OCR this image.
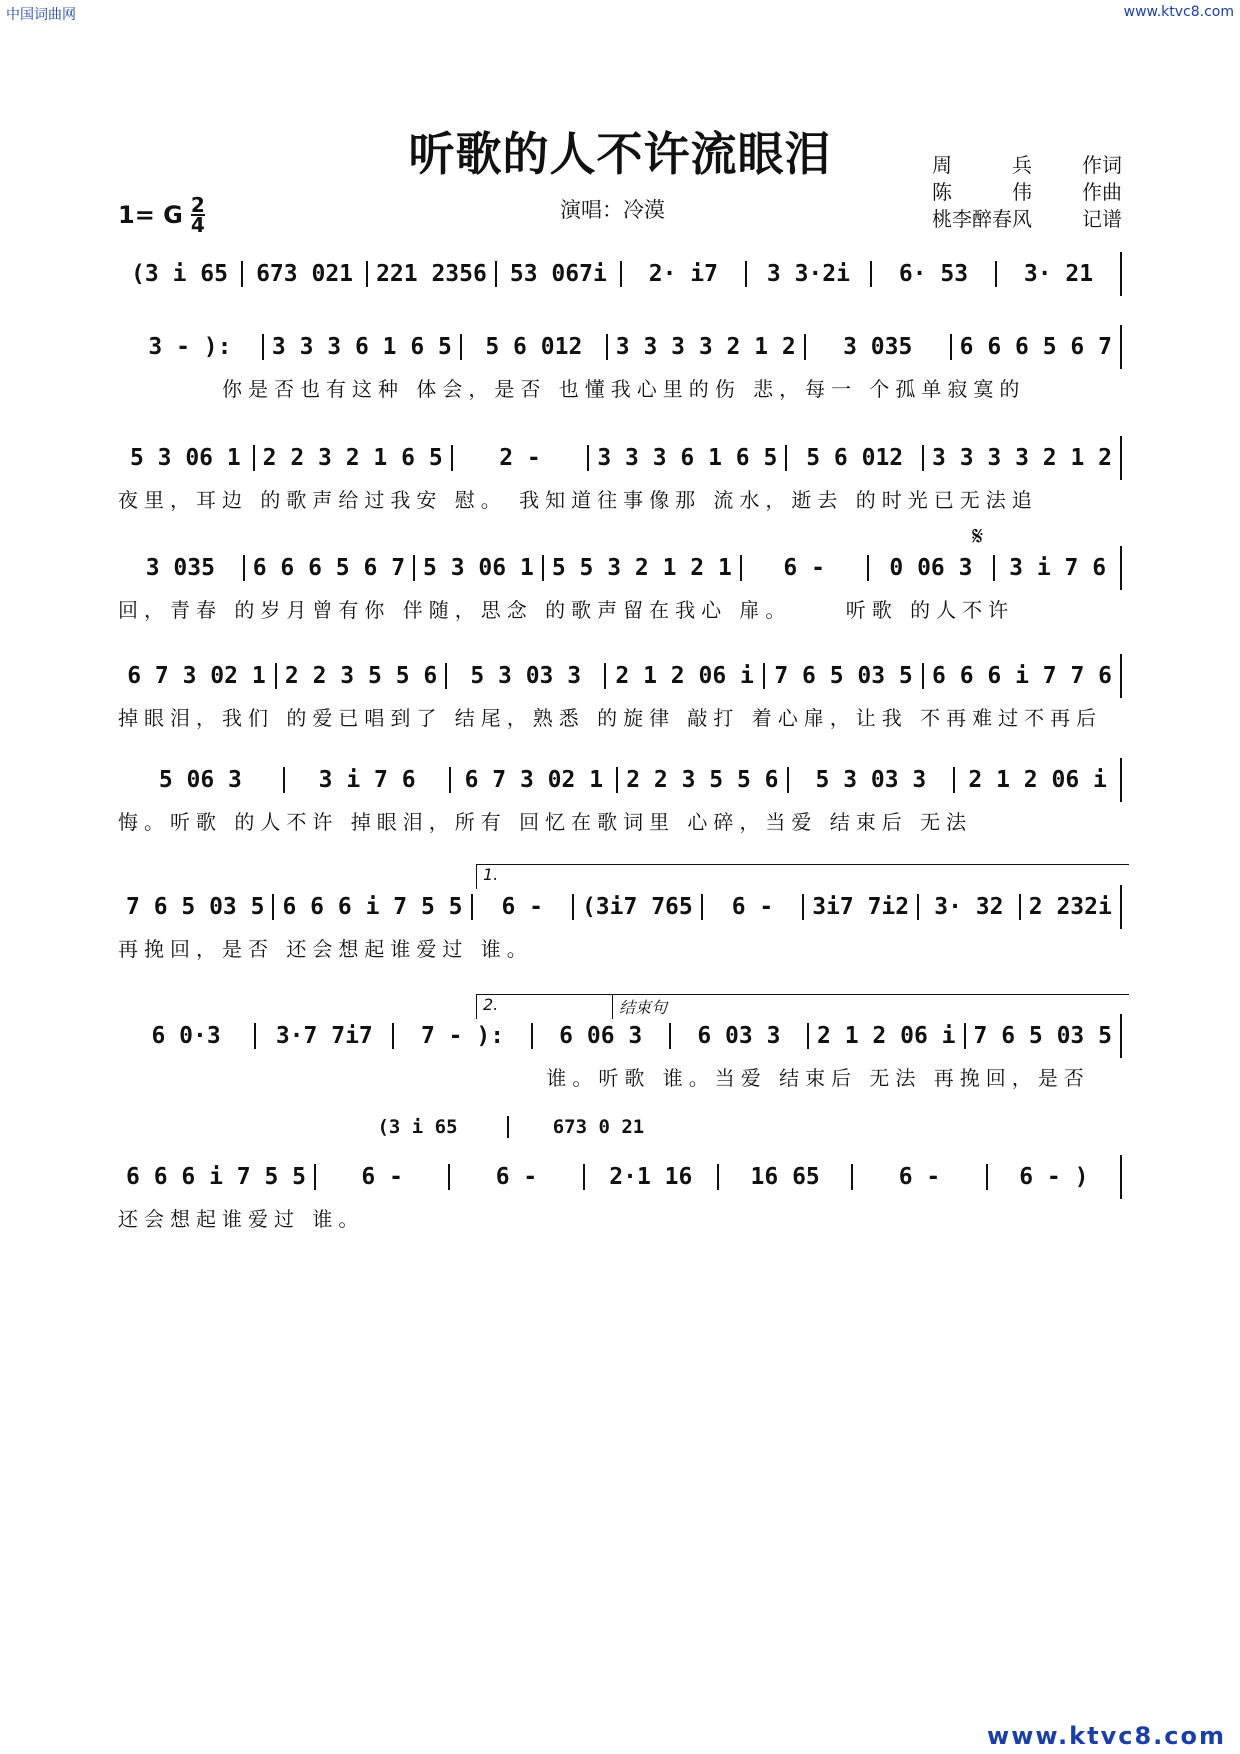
中国词曲网	www.ktvc8.com
听歌的人不许流眼泪	周　　　兵	作词
陈　　　伟	作曲
桃李醉春风	记谱
1= G $\frac{2}{4}$	演唱：冷漠
𝄋
1.
2.	结束句
(3 i 65	673 021	221 2356	53 067i	2· i7	3 3·2i	6· 53	3· 21
3 - ):	3 3 3 6 1 6 5	5 6 012	3 3 3 3 2 1 2	3 035	6 6 6 5 6 7
　　　　你是否也有这种 体会，是否 也懂我心里的伤 悲，每一 个孤单寂寞的
5 3 06 1 2 2 3 2 1 6 5	2 -	3 3 3 6 1 6 5	5 6 012	3 3 3 3 2 1 2
夜里，耳边 的歌声给过我安 慰。 我知道往事像那 流水，逝去 的时光已无法追
3 035	6 6 6 5 6 7 5 3 06 1 5 5 3 2 1 2 1	6 -	0 06 3	3 i 7 6
回，青春 的岁月曾有你 伴随，思念 的歌声留在我心 扉。　　 听歌 的人不许
6 7 3 02 1 2 2 3 5 5 6	5 3 03 3	2 1 2 06 i 7 6 5 03 5 6 6 6 i 7 7 6
掉眼泪，我们 的爱已唱到了 结尾，熟悉 的旋律 敲打 着心扉，让我 不再难过不再后
5 06 3	3 i 7 6	6 7 3 02 1	2 2 3 5 5 6	5 3 03 3	2 1 2 06 i
悔。听歌 的人不许 掉眼泪，所有 回忆在歌词里 心碎，当爱 结束后 无法
7 6 5 03 5 6 6 6 i 7 5 5	6 -	(3i7 765	6 -	3i7 7i2	3· 32	2 232i
再挽回，是否 还会想起谁爱过 谁。
6 0·3	3·7 7i7	7 - ):	6 06 3	6 03 3	2 1 2 06 i 7 6 5 03 5
　　　　　　　　　　　　　　　　 谁。听歌 谁。当爱 结束后 无法 再挽回，是否
(3 i 65	673 0 21
6 6 6 i 7 5 5	6 -	6 -	2·1 16	16 65	6 -	6 - )
还会想起谁爱过 谁。
www.ktvc8.com
